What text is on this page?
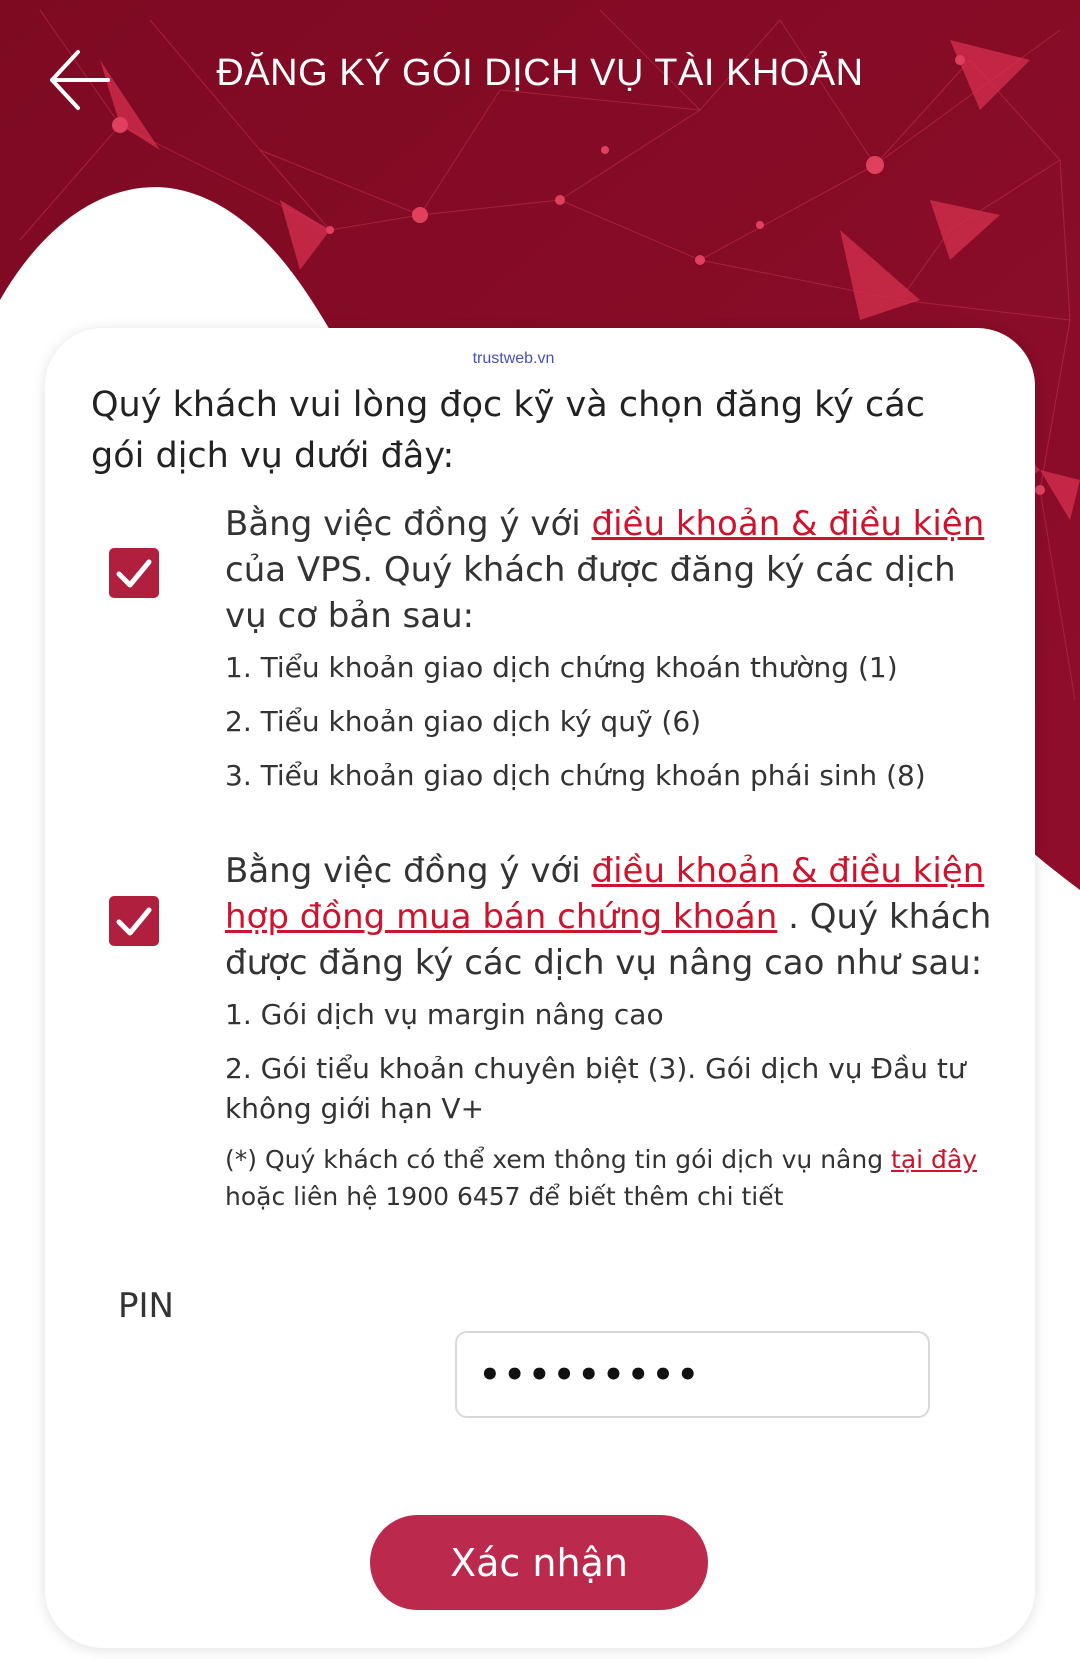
ĐĂNG KÝ GÓI DỊCH VỤ TÀI KHOẢN
trustweb.vn
Quý khách vui lòng đọc kỹ và chọn đăng ký các gói dịch vụ dưới đây:
Bằng việc đồng ý với điều khoản & điều kiện của VPS. Quý khách được đăng ký các dịch vụ cơ bản sau:
1. Tiểu khoản giao dịch chứng khoán thường (1)
2. Tiểu khoản giao dịch ký quỹ (6)
3. Tiểu khoản giao dịch chứng khoán phái sinh (8)
Bằng việc đồng ý với điều khoản & điều kiện
hợp đồng mua bán chứng khoán . Quý khách được đăng ký các dịch vụ nâng cao như sau:
1. Gói dịch vụ margin nâng cao
2. Gói tiểu khoản chuyên biệt (3). Gói dịch vụ Đầu tư không giới hạn V+
(*) Quý khách có thể xem thông tin gói dịch vụ nâng tại đây hoặc liên hệ 1900 6457 để biết thêm chi tiết
PIN
•••••••••
Xác nhận
